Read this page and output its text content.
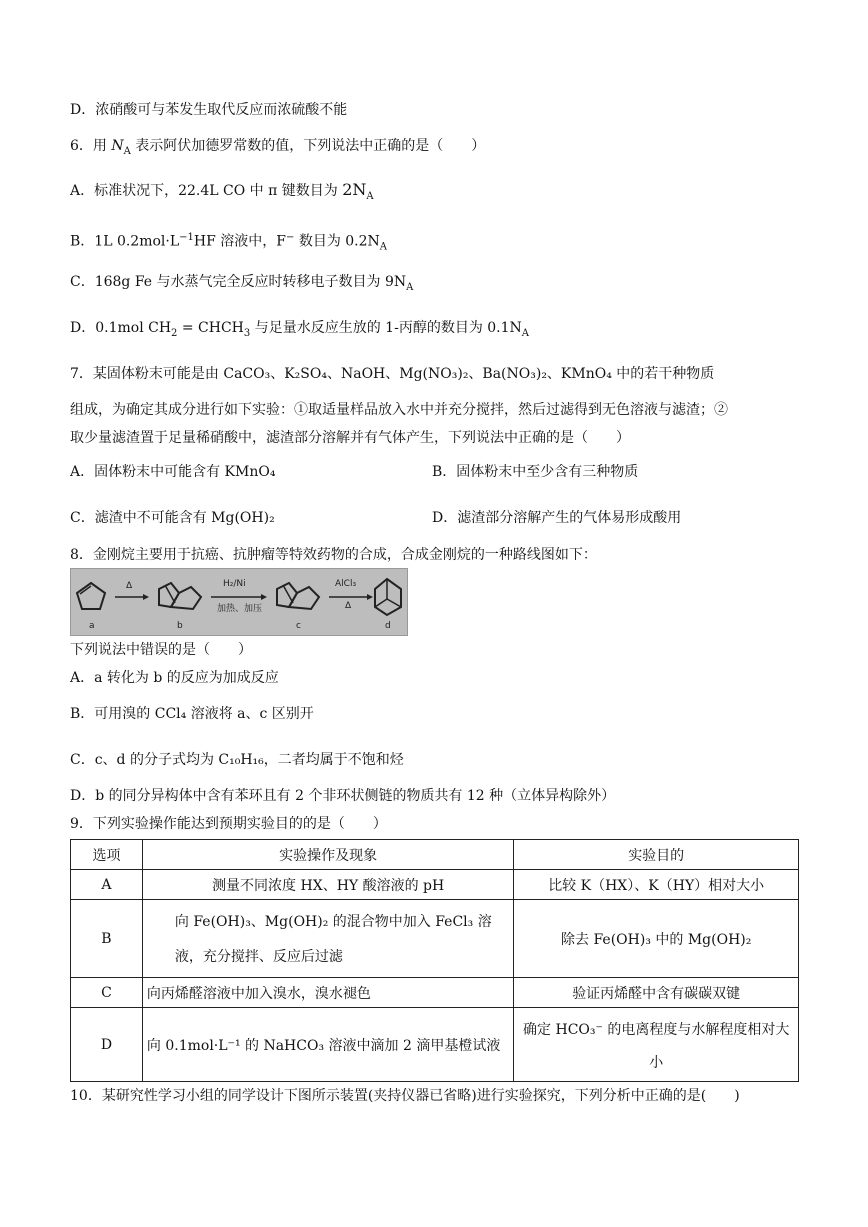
D．浓硝酸可与苯发生取代反应而浓硫酸不能
6．用 $N_A$ 表示阿伏加德罗常数的值，下列说法中正确的是（　　）
A．标准状况下，22.4L CO 中 π 键数目为 $2N_A$
B．1L $0.2mol\cdot L^{-1}HF$ 溶液中，F− 数目为 $0.2N_A$
C．168g Fe 与水蒸气完全反应时转移电子数目为 $9N_A$
D．0.1mol $CH_2$ = $CHCH_3$ 与足量水反应生放的 1-丙醇的数目为 $0.1N_A$
7．某固体粉末可能是由 CaCO₃、K₂SO₄、NaOH、Mg(NO₃)₂、Ba(NO₃)₂、KMnO₄ 中的若干种物质
组成，为确定其成分进行如下实验：①取适量样品放入水中并充分搅拌，然后过滤得到无色溶液与滤渣；②
取少量滤渣置于足量稀硝酸中，滤渣部分溶解并有气体产生，下列说法中正确的是（　　）
A．固体粉末中可能含有 KMnO₄	B．固体粉末中至少含有三种物质
C．滤渣中不可能含有 Mg(OH)₂	D．滤渣部分溶解产生的气体易形成酸用
8．金刚烷主要用于抗癌、抗肿瘤等特效药物的合成，合成金刚烷的一种路线图如下：
a	b	c	d
Δ	H₂/Ni
加热、加压
AlCl₃
Δ
下列说法中错误的是（　　）
A．a 转化为 b 的反应为加成反应
B．可用溴的 CCl₄ 溶液将 a、c 区别开
C．c、d 的分子式均为 C₁₀H₁₆，二者均属于不饱和烃
D．b 的同分异构体中含有苯环且有 2 个非环状侧链的物质共有 12 种（立体异构除外）
9．下列实验操作能达到预期实验目的的是（　　）
选项	实验操作及现象	实验目的
A	测量不同浓度 HX、HY 酸溶液的 pH	比较 K（HX）、K（HY）相对大小
B	向 Fe(OH)₃、Mg(OH)₂ 的混合物中加入 FeCl₃ 溶
液，充分搅拌、反应后过滤	除去 Fe(OH)₃ 中的 Mg(OH)₂
C	向丙烯醛溶液中加入溴水，溴水褪色	验证丙烯醛中含有碳碳双键
D	向 0.1mol·L⁻¹ 的 NaHCO₃ 溶液中滴加 2 滴甲基橙试液	确定 HCO₃⁻ 的电离程度与水解程度相对大
小
10．某研究性学习小组的同学设计下图所示装置(夹持仪器已省略)进行实验探究，下列分析中正确的是(　　)
